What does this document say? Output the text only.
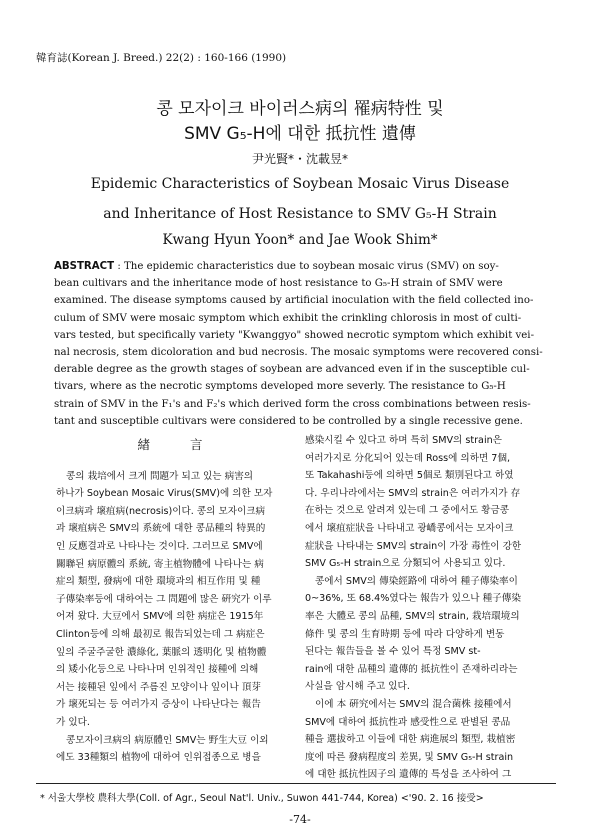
韓育誌(Korean J. Breed.) 22(2) : 160-166 (1990)
콩 모자이크 바이러스病의 罹病特性 및
SMV G₅-H에 대한 抵抗性 遺傳
尹光賢*・沈載昱*
Epidemic Characteristics of Soybean Mosaic Virus Disease
and Inheritance of Host Resistance to SMV G₅-H Strain
Kwang Hyun Yoon* and Jae Wook Shim*
ABSTRACT : The epidemic characteristics due to soybean mosaic virus (SMV) on soy-
bean cultivars and the inheritance mode of host resistance to G₅-H strain of SMV were
examined. The disease symptoms caused by artificial inoculation with the field collected ino-
culum of SMV were mosaic symptom which exhibit the crinkling chlorosis in most of culti-
vars tested, but specifically variety "Kwanggyo" showed necrotic symptom which exhibit vei-
nal necrosis, stem dicoloration and bud necrosis. The mosaic symptoms were recovered consi-
derable degree as the growth stages of soybean are advanced even if in the susceptible cul-
tivars, where as the necrotic symptoms developed more severly. The resistance to G₅-H
strain of SMV in the F₁'s and F₂'s which derived form the cross combinations between resis-
tant and susceptible cultivars were considered to be controlled by a single recessive gene.
緖 言
콩의 栽培에서 크게 問題가 되고 있는 病害의
하나가 Soybean Mosaic Virus(SMV)에 의한 모자
이크病과 壞疽病(necrosis)이다. 콩의 모자이크病
과 壞疽病은 SMV의 系統에 대한 콩品種의 特異的
인 反應결과로 나타나는 것이다. 그러므로 SMV에
關聯된 病原體의 系統, 寄主植物體에 나타나는 病
症의 類型, 發病에 대한 環境과의 相互作用 및 種
子傳染率등에 대하여는 그 問題에 많은 硏究가 이루
어져 왔다. 大豆에서 SMV에 의한 病症은 1915年
Clinton등에 의해 最初로 報告되었는데 그 病症은
잎의 주굴주굴한 濃綠化, 葉脈의 透明化 및 植物體
의 矮小化등으로 나타나며 인위적인 接種에 의해
서는 接種된 잎에서 주름진 모양이나 잎이나 頂芽
가 壞死되는 등 여러가지 증상이 나타난다는 報告
가 있다.
콩모자이크病의 病原體인 SMV는 野生大豆 이외
에도 33種類의 植物에 대하여 인위접종으로 병을
感染시킬 수 있다고 하며 특히 SMV의 strain은
여러가지로 分化되어 있는데 Ross에 의하면 7個,
또 Takahashi등에 의하면 5個로 類別된다고 하였
다. 우리나라에서는 SMV의 strain은 여러가지가 存
在하는 것으로 알려져 있는데 그 중에서도 황금콩
에서 壞疽症狀을 나타내고 광嶠콩에서는 모자이크
症狀을 나타내는 SMV의 strain이 가장 毒性이 강한
SMV G₅-H strain으로 分類되어 사용되고 있다.
콩에서 SMV의 傳染經路에 대하여 種子傳染率이
0~36%, 또 68.4%였다는 報告가 있으나 種子傳染
率은 大體로 콩의 品種, SMV의 strain, 栽培環境의
條件 및 콩의 生育時期 등에 따라 다양하게 변동
된다는 報告들을 볼 수 있어 특정 SMV st-
rain에 대한 品種의 遺傳的 抵抗性이 존재하리라는
사실을 암시해 주고 있다.
이에 本 硏究에서는 SMV의 混合菌株 接種에서
SMV에 대하여 抵抗性과 感受性으로 판별된 콩品
種을 選拔하고 이들에 대한 病進展의 類型, 栽植密
度에 따른 發病程度의 差異, 및 SMV G₅-H strain
에 대한 抵抗性因子의 遺傳的 특성을 조사하여 그
* 서울大學校 農科大學(Coll. of Agr., Seoul Nat'l. Univ., Suwon 441-744, Korea) <'90. 2. 16 接受>
-74-
